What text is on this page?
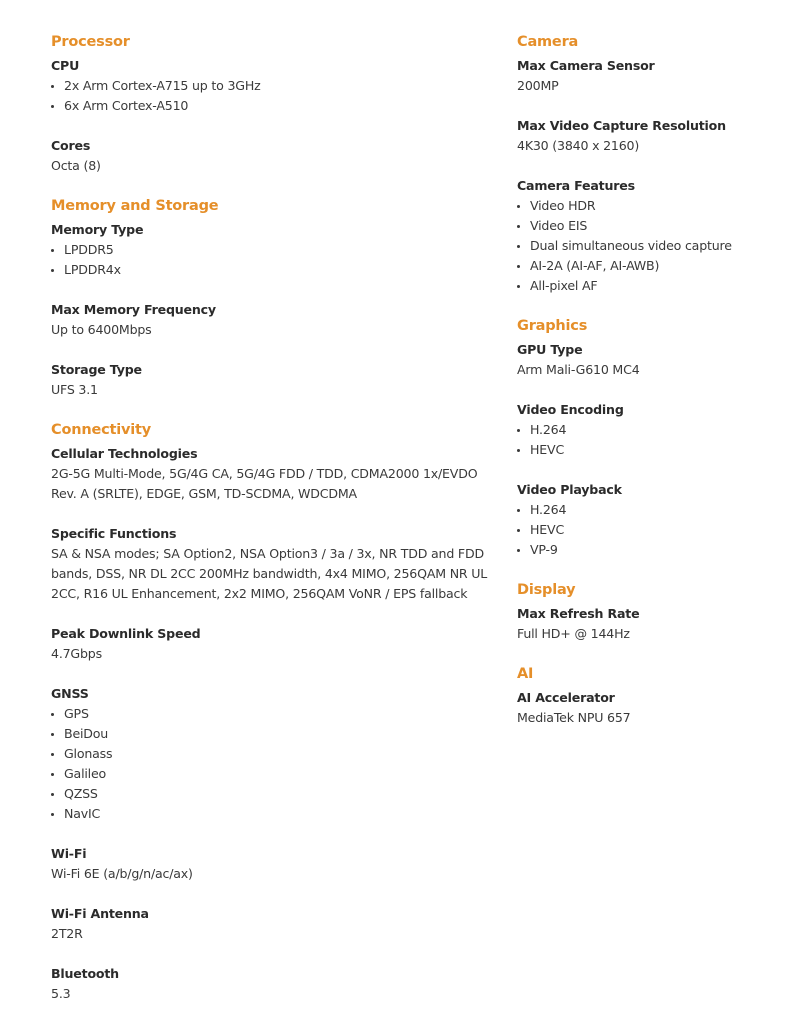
Processor
CPU
2x Arm Cortex-A715 up to 3GHz
6x Arm Cortex-A510
Cores
Octa (8)
Memory and Storage
Memory Type
LPDDR5
LPDDR4x
Max Memory Frequency
Up to 6400Mbps
Storage Type
UFS 3.1
Connectivity
Cellular Technologies
2G-5G Multi-Mode, 5G/4G CA, 5G/4G FDD / TDD, CDMA2000 1x/EVDO Rev. A (SRLTE), EDGE, GSM, TD-SCDMA, WDCDMA
Specific Functions
SA & NSA modes; SA Option2, NSA Option3 / 3a / 3x, NR TDD and FDD bands, DSS, NR DL 2CC 200MHz bandwidth, 4x4 MIMO, 256QAM NR UL 2CC, R16 UL Enhancement, 2x2 MIMO, 256QAM VoNR / EPS fallback
Peak Downlink Speed
4.7Gbps
GNSS
GPS
BeiDou
Glonass
Galileo
QZSS
NavIC
Wi-Fi
Wi-Fi 6E (a/b/g/n/ac/ax)
Wi-Fi Antenna
2T2R
Bluetooth
5.3
Camera
Max Camera Sensor
200MP
Max Video Capture Resolution
4K30 (3840 x 2160)
Camera Features
Video HDR
Video EIS
Dual simultaneous video capture
AI-2A (AI-AF, AI-AWB)
All-pixel AF
Graphics
GPU Type
Arm Mali-G610 MC4
Video Encoding
H.264
HEVC
Video Playback
H.264
HEVC
VP-9
Display
Max Refresh Rate
Full HD+ @ 144Hz
AI
AI Accelerator
MediaTek NPU 657
